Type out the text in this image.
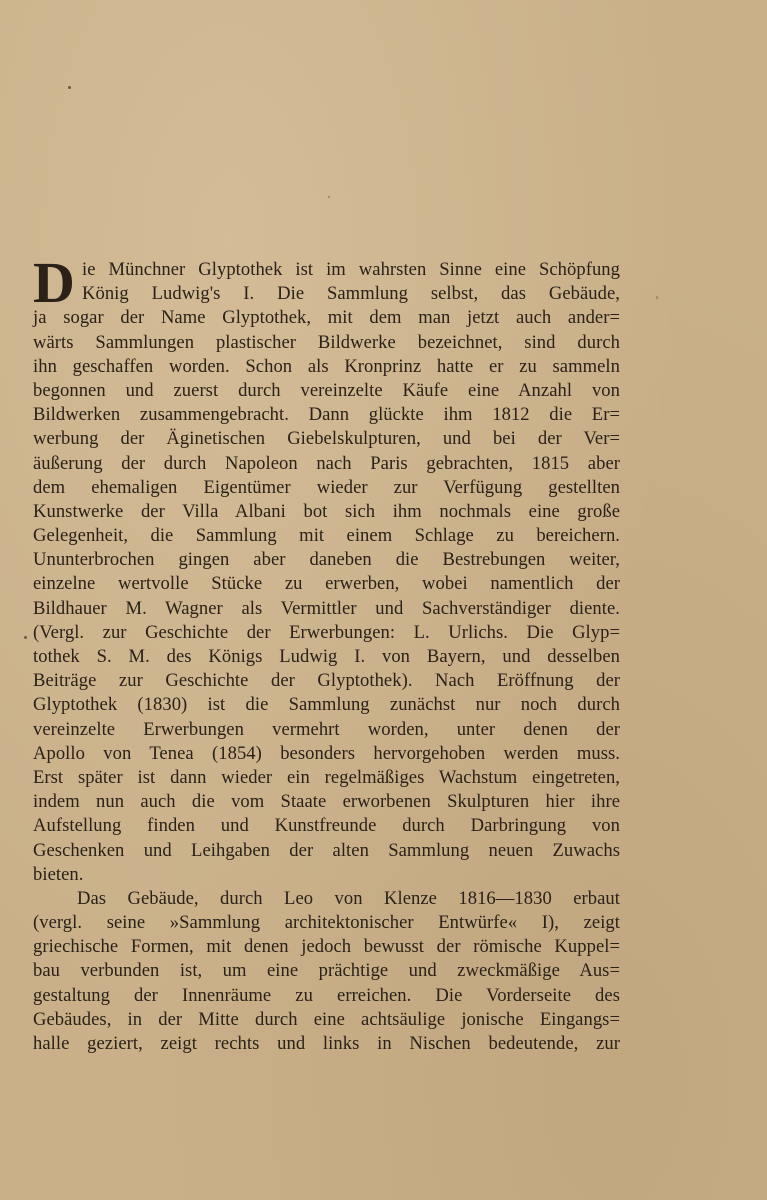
D ie Münchner Glyptothek ist im wahrsten Sinne eine Schöpfung
König Ludwig's I. Die Sammlung selbst, das Gebäude,
ja sogar der Name Glyptothek, mit dem man jetzt auch ander=
wärts Sammlungen plastischer Bildwerke bezeichnet, sind durch
ihn geschaffen worden. Schon als Kronprinz hatte er zu sammeln
begonnen und zuerst durch vereinzelte Käufe eine Anzahl von
Bildwerken zusammengebracht. Dann glückte ihm 1812 die Er=
werbung der Äginetischen Giebelskulpturen, und bei der Ver=
äußerung der durch Napoleon nach Paris gebrachten, 1815 aber
dem ehemaligen Eigentümer wieder zur Verfügung gestellten
Kunstwerke der Villa Albani bot sich ihm nochmals eine große
Gelegenheit, die Sammlung mit einem Schlage zu bereichern.
Ununterbrochen gingen aber daneben die Bestrebungen weiter,
einzelne wertvolle Stücke zu erwerben, wobei namentlich der
Bildhauer M. Wagner als Vermittler und Sachverständiger diente.
(Vergl. zur Geschichte der Erwerbungen: L. Urlichs. Die Glyp=
tothek S. M. des Königs Ludwig I. von Bayern, und desselben
Beiträge zur Geschichte der Glyptothek). Nach Eröffnung der
Glyptothek (1830) ist die Sammlung zunächst nur noch durch
vereinzelte Erwerbungen vermehrt worden, unter denen der
Apollo von Tenea (1854) besonders hervorgehoben werden muss.
Erst später ist dann wieder ein regelmäßiges Wachstum eingetreten,
indem nun auch die vom Staate erworbenen Skulpturen hier ihre
Aufstellung finden und Kunstfreunde durch Darbringung von
Geschenken und Leihgaben der alten Sammlung neuen Zuwachs
bieten.
Das Gebäude, durch Leo von Klenze 1816—1830 erbaut
(vergl. seine »Sammlung architektonischer Entwürfe« I), zeigt
griechische Formen, mit denen jedoch bewusst der römische Kuppel=
bau verbunden ist, um eine prächtige und zweckmäßige Aus=
gestaltung der Innenräume zu erreichen. Die Vorderseite des
Gebäudes, in der Mitte durch eine achtsäulige jonische Eingangs=
halle geziert, zeigt rechts und links in Nischen bedeutende, zur
